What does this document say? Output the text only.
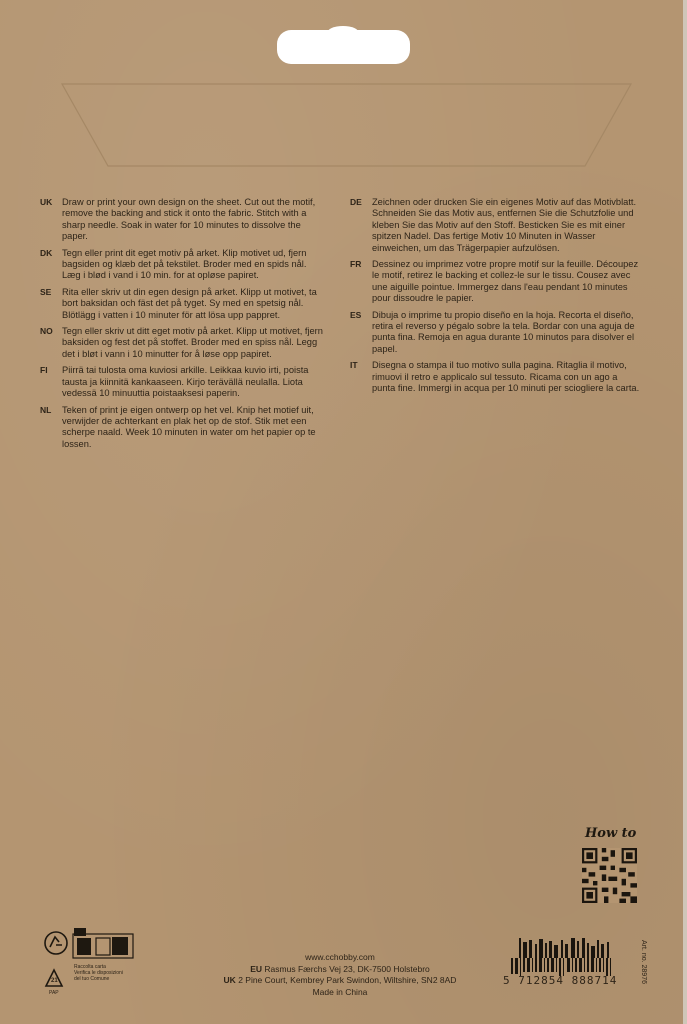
UK	Draw or print your own design on the sheet. Cut out the motif, remove the backing and stick it onto the fabric. Stitch with a sharp needle. Soak in water for 10 minutes to dissolve the paper.
DK	Tegn eller print dit eget motiv på arket. Klip motivet ud, fjern bagsiden og klæb det på tekstilet. Broder med en spids nål. Læg i blød i vand i 10 min. for at opløse papiret.
SE	Rita eller skriv ut din egen design på arket. Klipp ut motivet, ta bort baksidan och fäst det på tyget. Sy med en spetsig nål. Blötlägg i vatten i 10 minuter för att lösa upp pappret.
NO Tegn eller skriv ut ditt eget motiv på arket. Klipp ut motivet, fjern baksiden og fest det på stoffet. Broder med en spiss nål. Legg det i bløt i vann i 10 minutter for å løse opp papiret.
FI	Piirrä tai tulosta oma kuviosi arkille. Leikkaa kuvio irti, poista tausta ja kiinnitä kankaaseen. Kirjo terävällä neulalla. Liota vedessä 10 minuuttia poistaaksesi paperin.
NL	Teken of print je eigen ontwerp op het vel. Knip het motief uit, verwijder de achterkant en plak het op de stof. Stik met een scherpe naald. Week 10 minuten in water om het papier op te lossen.
DE	Zeichnen oder drucken Sie ein eigenes Motiv auf das Motivblatt. Schneiden Sie das Motiv aus, entfernen Sie die Schutzfolie und kleben Sie das Motiv auf den Stoff. Besticken Sie es mit einer spitzen Nadel. Das fertige Motiv 10 Minuten in Wasser einweichen, um das Trägerpapier aufzulösen.
FR	Dessinez ou imprimez votre propre motif sur la feuille. Découpez le motif, retirez le backing et collez-le sur le tissu. Cousez avec une aiguille pointue. Immergez dans l'eau pendant 10 minutes pour dissoudre le papier.
ES	Dibuja o imprime tu propio diseño en la hoja. Recorta el diseño, retira el reverso y pégalo sobre la tela. Bordar con una aguja de punta fina. Remoja en agua durante 10 minutos para disolver el papel.
IT	Disegna o stampa il tuo motivo sulla pagina. Ritaglia il motivo, rimuovi il retro e applicalo sul tessuto. Ricama con un ago a punta fine. Immergi in acqua per 10 minuti per sciogliere la carta.
How to
21
PAP
Raccolta carta
Verifica le disposizioni
del tuo Comune
www.cchobby.com
EU Rasmus Færchs Vej 23, DK-7500 Holstebro
UK 2 Pine Court, Kembrey Park Swindon, Wiltshire, SN2 8AD
Made in China
5 712854 888714	Art. no. 28976
